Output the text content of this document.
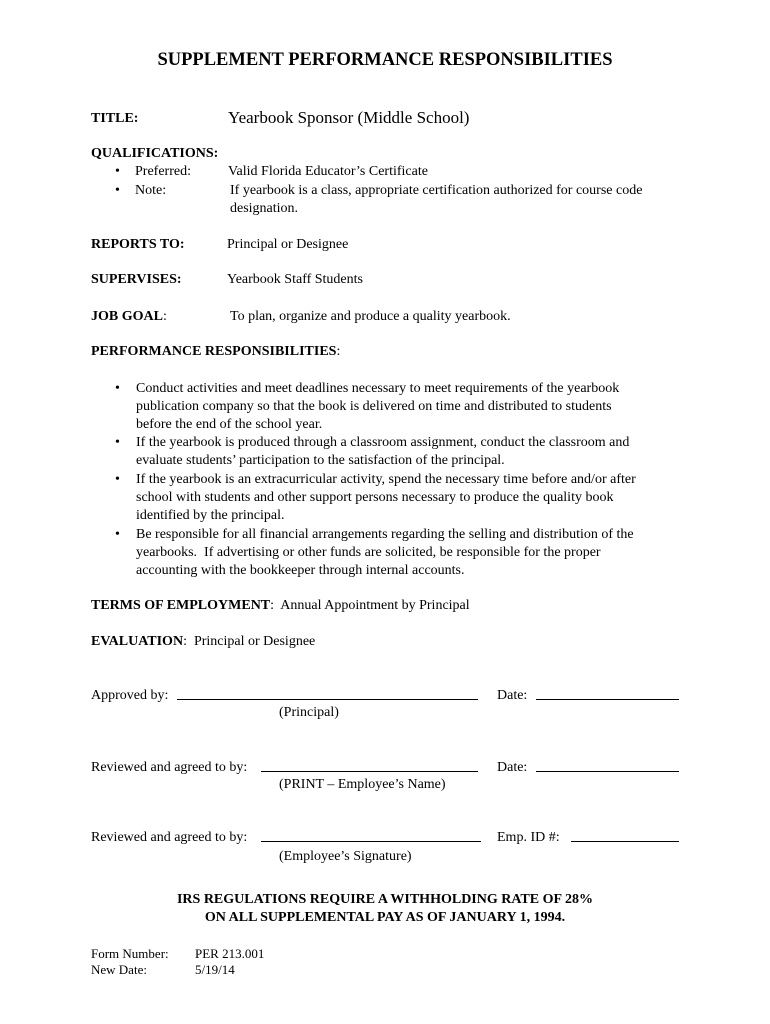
SUPPLEMENT PERFORMANCE RESPONSIBILITIES
TITLE:	Yearbook Sponsor (Middle School)
QUALIFICATIONS:
• Preferred:	Valid Florida Educator’s Certificate
• Note:	If yearbook is a class, appropriate certification authorized for course code
designation.
REPORTS TO:	Principal or Designee
SUPERVISES:	Yearbook Staff Students
JOB GOAL:	To plan, organize and produce a quality yearbook.
PERFORMANCE RESPONSIBILITIES:
• Conduct activities and meet deadlines necessary to meet requirements of the yearbook
publication company so that the book is delivered on time and distributed to students
before the end of the school year.
• If the yearbook is produced through a classroom assignment, conduct the classroom and
evaluate students’ participation to the satisfaction of the principal.
• If the yearbook is an extracurricular activity, spend the necessary time before and/or after
school with students and other support persons necessary to produce the quality book
identified by the principal.
• Be responsible for all financial arrangements regarding the selling and distribution of the
yearbooks.  If advertising or other funds are solicited, be responsible for the proper
accounting with the bookkeeper through internal accounts.
TERMS OF EMPLOYMENT: Annual Appointment by Principal
EVALUATION: Principal or Designee
Approved by:
(Principal)
Date:
Reviewed and agreed to by:
(PRINT – Employee’s Name)
Date:
Reviewed and agreed to by:
(Employee’s Signature)
Emp. ID #:
IRS REGULATIONS REQUIRE A WITHHOLDING RATE OF 28%
ON ALL SUPPLEMENTAL PAY AS OF JANUARY 1, 1994.
Form Number: PER 213.001
New Date:	5/19/14
